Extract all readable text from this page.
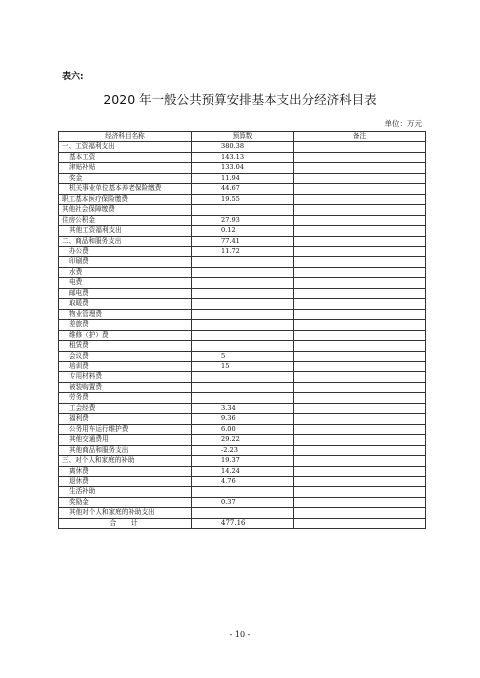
表六:
2020 年一般公共预算安排基本支出分经济科目表
单位：万元
经济科目名称	预算数	备注
一、工资福利支出	380.38	
基本工资	143.13	
津贴补贴	133.04	
奖金	11.94	
机关事业单位基本养老保险缴费	44.67	
职工基本医疗保险缴费	19.55	
其他社会保障缴费		
住房公积金	27.93	
其他工资福利支出	0.12	
二、商品和服务支出	77.41	
办公费	11.72	
印刷费		
水费		
电费		
邮电费		
取暖费		
物业管理费		
差旅费		
维修（护）费		
租赁费		
会议费	5	
培训费	15	
专用材料费		
被装购置费		
劳务费		
工会经费	3.34	
福利费	9.36	
公务用车运行维护费	6.00	
其他交通费用	29.22	
其他商品和服务支出	-2.23	
三、对个人和家庭的补助	19.37	
离休费	14.24	
退休费	4.76	
生活补助		
奖励金	0.37	
其他对个人和家庭的补助支出		
合 计	477.16	
- 10 -
